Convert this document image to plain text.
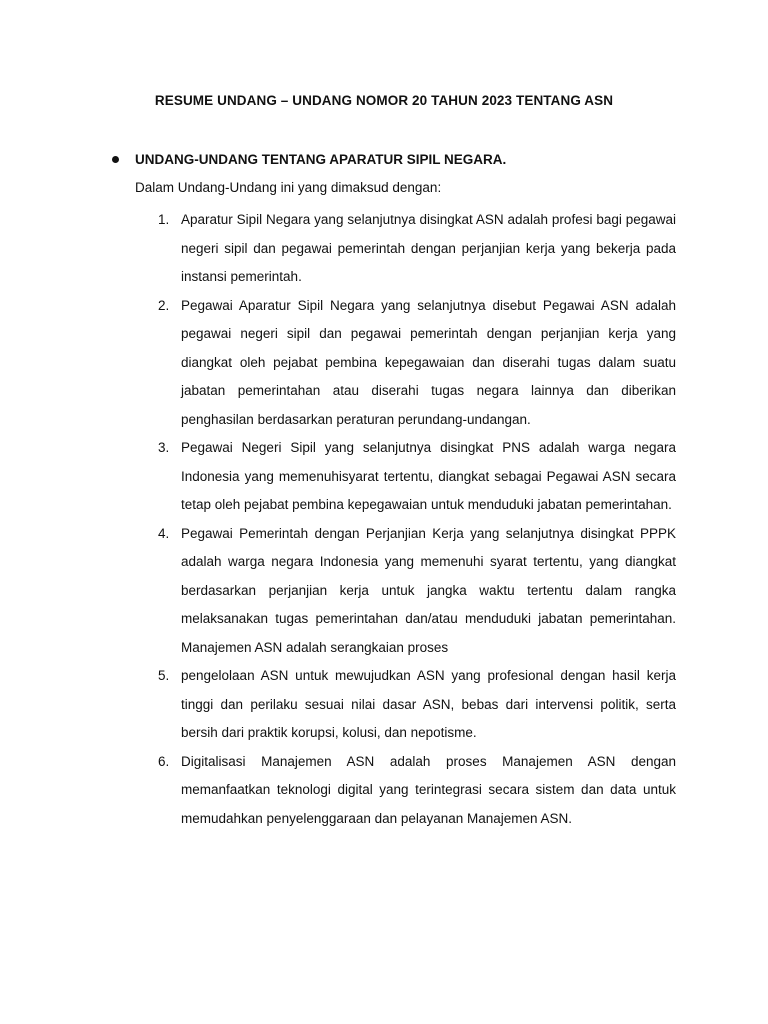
RESUME UNDANG – UNDANG NOMOR 20 TAHUN 2023 TENTANG ASN
UNDANG-UNDANG TENTANG APARATUR SIPIL NEGARA.
Dalam Undang-Undang ini yang dimaksud dengan:
1. Aparatur Sipil Negara yang selanjutnya disingkat ASN adalah profesi bagi pegawai negeri sipil dan pegawai pemerintah dengan perjanjian kerja yang bekerja pada instansi pemerintah.
2. Pegawai Aparatur Sipil Negara yang selanjutnya disebut Pegawai ASN adalah pegawai negeri sipil dan pegawai pemerintah dengan perjanjian kerja yang diangkat oleh pejabat pembina kepegawaian dan diserahi tugas dalam suatu jabatan pemerintahan atau diserahi tugas negara lainnya dan diberikan penghasilan berdasarkan peraturan perundang-undangan.
3. Pegawai Negeri Sipil yang selanjutnya disingkat PNS adalah warga negara Indonesia yang memenuhisyarat tertentu, diangkat sebagai Pegawai ASN secara tetap oleh pejabat pembina kepegawaian untuk menduduki jabatan pemerintahan.
4. Pegawai Pemerintah dengan Perjanjian Kerja yang selanjutnya disingkat PPPK adalah warga negara Indonesia yang memenuhi syarat tertentu, yang diangkat berdasarkan perjanjian kerja untuk jangka waktu tertentu dalam rangka melaksanakan tugas pemerintahan dan/atau menduduki jabatan pemerintahan. Manajemen ASN adalah serangkaian proses
5. pengelolaan ASN untuk mewujudkan ASN yang profesional dengan hasil kerja tinggi dan perilaku sesuai nilai dasar ASN, bebas dari intervensi politik, serta bersih dari praktik korupsi, kolusi, dan nepotisme.
6. Digitalisasi Manajemen ASN adalah proses Manajemen ASN dengan memanfaatkan teknologi digital yang terintegrasi secara sistem dan data untuk memudahkan penyelenggaraan dan pelayanan Manajemen ASN.
